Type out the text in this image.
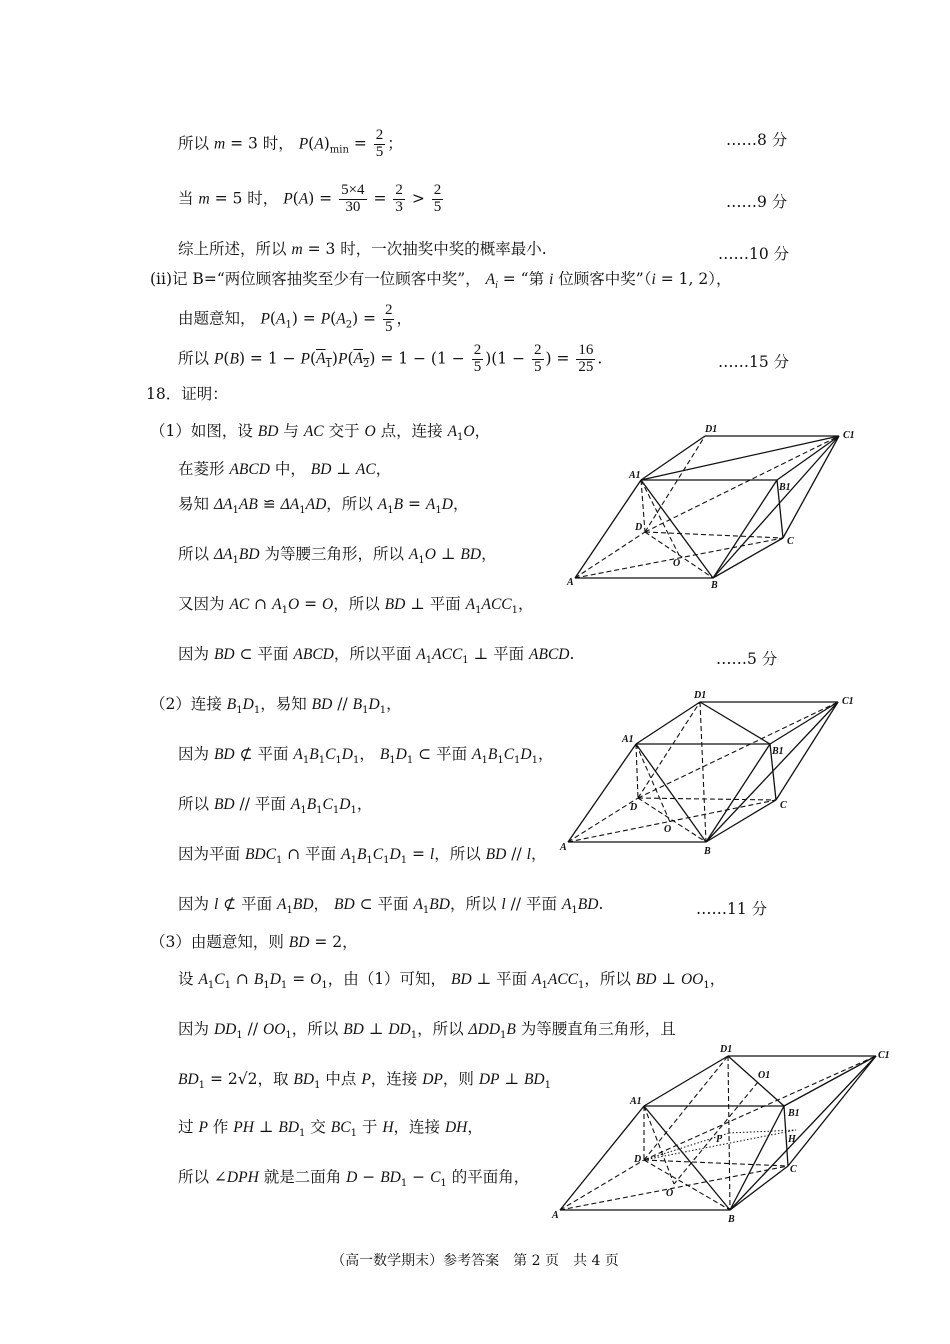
所以 m = 3 时， $P(A)_{min} = \frac{2}{5}$ ；	……8 分
当 m = 5 时， $P(A) = \frac{5\times 4}{30} = \frac{2}{3} > \frac{2}{5}$	……9 分
综上所述，所以 m = 3 时，一次抽奖中奖的概率最小.	……10 分
(ii)记 B=“两位顾客抽奖至少有一位顾客中奖”， $A_i$ = “第 i 位顾客中奖”（i = 1, 2），
由题意知， $P(A_1) = P(A_2) = \frac{2}{5}$ ，
所以 $P(B) = 1 - P(A_1)P(A_2) = 1 - (1 - \frac{2}{5} )(1 - \frac{2}{5}$ ) = $\frac{16}{25}$ .	……15 分
18．证明：
（1）如图，设 BD 与 AC 交于 O 点，连接 $A_1O$，
在菱形 ABCD 中， BD ⊥ AC，
易知 $\Delta A_1AB$ ≌ $\Delta A_1AD$，所以 $A_1B = A_1D$，
所以 $\Delta A_1BD$ 为等腰三角形，所以 $A_1O$ ⊥ BD，
又因为 AC ∩ $A_1O = O$，所以 BD ⊥ 平面 $A_1ACC_1$，
因为 BD ⊂ 平面 ABCD，所以平面 $A_1ACC_1$ ⊥ 平面 ABCD.	……5 分
（2）连接 $B_1D_1$，易知 BD // $B_1D_1$，
因为 BD ⊄ 平面 $A_1B_1C_1D_1$， $B_1D_1$ ⊂ 平面 $A_1B_1C_1D_1$，
所以 BD // 平面 $A_1B_1C_1D_1$，
因为平面 $BDC_1$ ∩ 平面 $A_1B_1C_1D_1 = l$，所以 BD // l，
因为 l ⊄ 平面 $A_1BD$， BD ⊂ 平面 $A_1BD$，所以 l // 平面 $A_1BD$.	……11 分
（3）由题意知，则 BD = 2，
设 $A_1C_1$ ∩ $B_1D_1 = O_1$，由（1）可知， BD ⊥ 平面 $A_1ACC_1$，所以 BD ⊥ $OO_1$，
因为 $DD_1 // OO_1$，所以 BD ⊥ $DD_1$，所以 $\Delta DD_1B$ 为等腰直角三角形，且
$BD_1 = 2√2$，取 $BD_1$ 中点 P，连接 DP，则 DP ⊥ $BD_1$
过 P 作 PH ⊥ $BD_1$ 交 $BC_1$ 于 H，连接 DH，
所以 ∠DPH 就是二面角 $D - BD_1 - C_1$ 的平面角，
D1
C1
A1
B1
D
C
O
A	B
D1
C1
A1
B1
D	C
O
A	B
D1
C1
O1
A1
B1
P	H
D
C
O
A	B
（高一数学期末）参考答案　第 2 页　共 4 页
